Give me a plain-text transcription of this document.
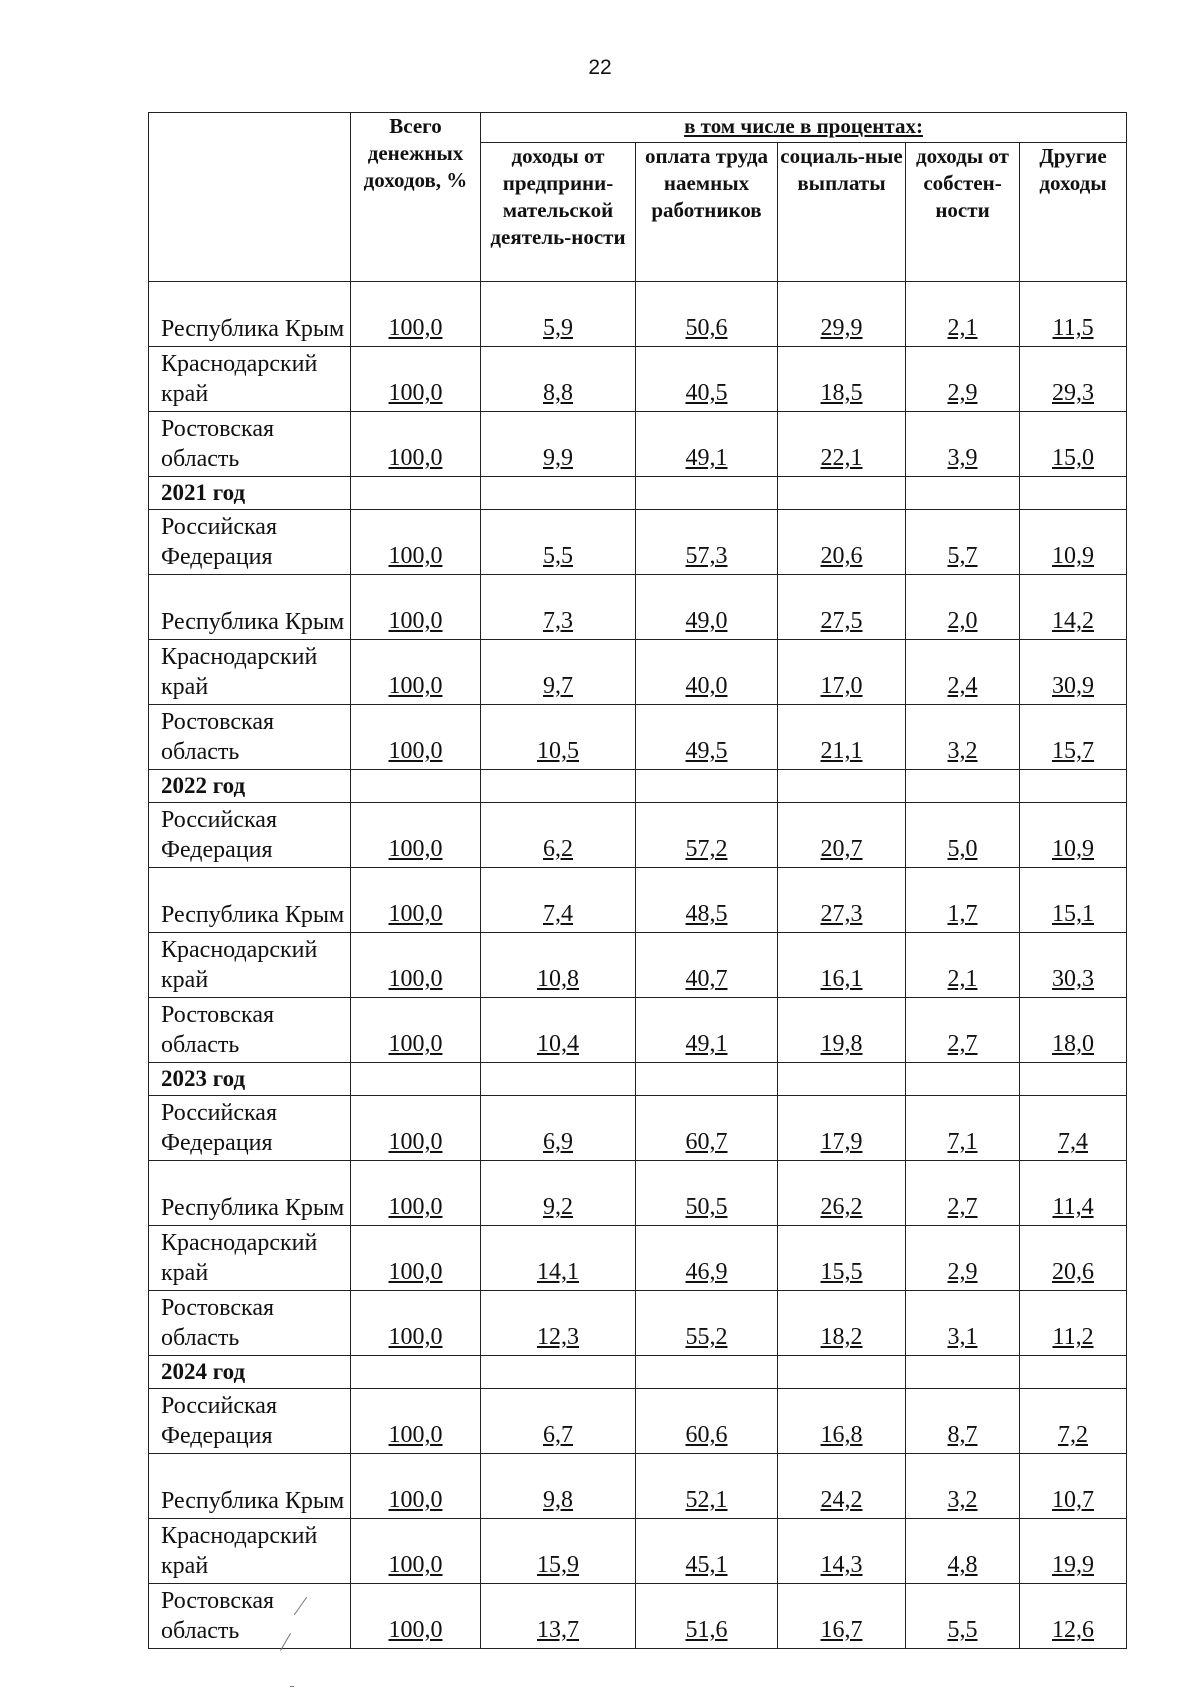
22
	Всего денежных доходов, %	в том числе в процентах:				
		доходы от предприни-мательской деятель-ности	оплата труда наемных работников	социаль-ные выплаты	доходы от собстен-ности	Другие доходы
Республика Крым	100,0	5,9	50,6	29,9	2,1	11,5
Краснодарский край	100,0	8,8	40,5	18,5	2,9	29,3
Ростовская область	100,0	9,9	49,1	22,1	3,9	15,0
2021 год						
Российская Федерация	100,0	5,5	57,3	20,6	5,7	10,9
Республика Крым	100,0	7,3	49,0	27,5	2,0	14,2
Краснодарский край	100,0	9,7	40,0	17,0	2,4	30,9
Ростовская область	100,0	10,5	49,5	21,1	3,2	15,7
2022 год						
Российская Федерация	100,0	6,2	57,2	20,7	5,0	10,9
Республика Крым	100,0	7,4	48,5	27,3	1,7	15,1
Краснодарский край	100,0	10,8	40,7	16,1	2,1	30,3
Ростовская область	100,0	10,4	49,1	19,8	2,7	18,0
2023 год						
Российская Федерация	100,0	6,9	60,7	17,9	7,1	7,4
Республика Крым	100,0	9,2	50,5	26,2	2,7	11,4
Краснодарский край	100,0	14,1	46,9	15,5	2,9	20,6
Ростовская область	100,0	12,3	55,2	18,2	3,1	11,2
2024 год						
Российская Федерация	100,0	6,7	60,6	16,8	8,7	7,2
Республика Крым	100,0	9,8	52,1	24,2	3,2	10,7
Краснодарский край	100,0	15,9	45,1	14,3	4,8	19,9
Ростовская область	100,0	13,7	51,6	16,7	5,5	12,6
